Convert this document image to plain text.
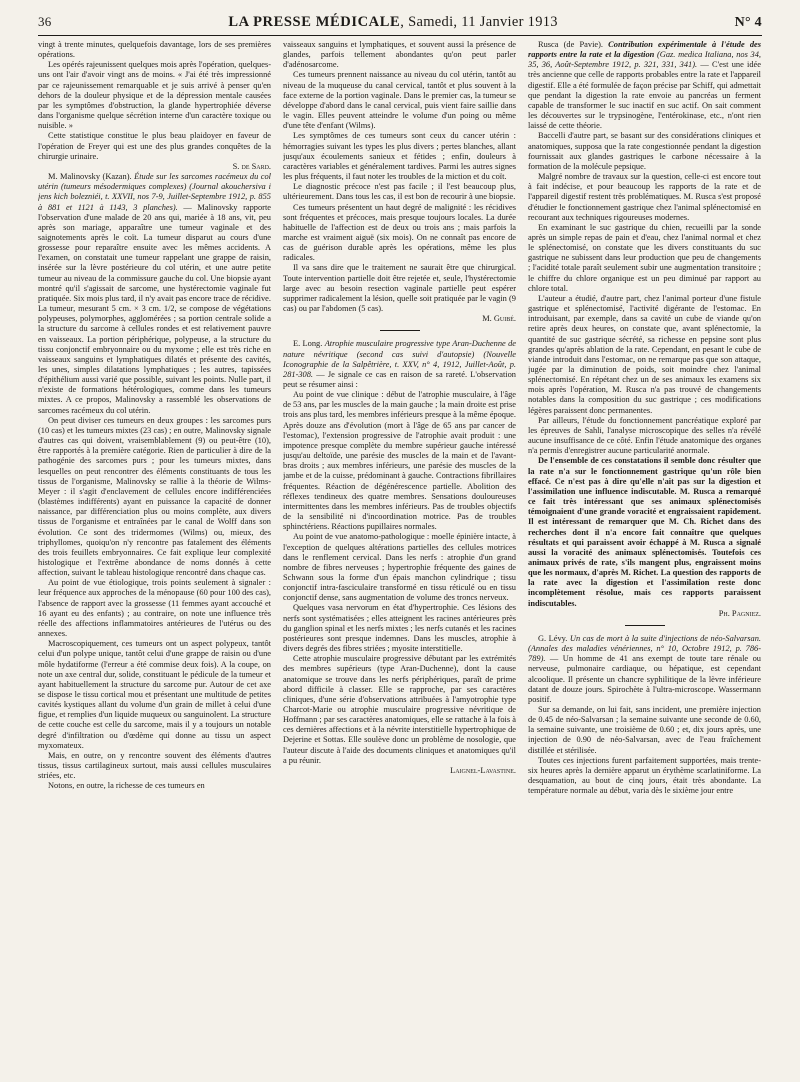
36	LA PRESSE MÉDICALE, Samedi, 11 Janvier 1913	N° 4

vingt à trente minutes, quelquefois davantage, lors de ses premières opérations.

Les opérés rajeunissent quelques mois après l'opération, quelques-uns ont l'air d'avoir vingt ans de moins. « J'ai été très impressionné par ce rajeunissement remarquable et je suis arrivé à penser qu'en dehors de la douleur physique et de la dépression mentale causées par les symptômes d'obstruction, la glande hypertrophiée déverse dans l'organisme quelque sécrétion interne d'un caractère toxique ou nuisible. »

Cette statistique constitue le plus beau plaidoyer en faveur de l'opération de Freyer qui est une des plus grandes conquêtes de la chirurgie urinaire.

S. de Sard.

M. Malinovsky (Kazan). Étude sur les sarcomes racémeux du col utérin (tumeurs mésodermiques complexes) (Journal akouchersiva i jens kich bolezniéi, t. XXVII, nos 7-9, Juillet-Septembre 1912, p. 855 à 881 et 1121 à 1143, 3 planches). — Malinovsky rapporte l'observation d'une malade de 20 ans qui, mariée à 18 ans, vit, peu après son mariage, apparaître une tumeur vaginale et des saignotements après le coït. La tumeur disparut au cours d'une grossesse pour reparaître ensuite avec les mêmes accidents. A l'examen, on constatait une tumeur rappelant une grappe de raisin, insérée sur la lèvre postérieure du col utérin, et une autre petite tumeur au niveau de la commissure gauche du col. Une biopsie ayant montré qu'il s'agissait de sarcome, une hystérectomie vaginale fut pratiquée. Six mois plus tard, il n'y avait pas encore trace de récidive. La tumeur, mesurant 5 cm. × 3 cm. 1/2, se compose de végétations polypeuses, polymorphes, agglomérées ; sa portion centrale solide a la structure du sarcome à cellules rondes et est relativement pauvre en vaisseaux. La portion périphérique, polypeuse, a la structure du tissu conjonctif embryonnaire ou du myxome ; elle est très riche en vaisseaux sanguins et lymphatiques dilatés et présente des cavités, les unes, simples dilatations lymphatiques ; les autres, tapissées d'épithélium aussi varié que possible, suivant les points. Nulle part, il n'existe de formations hétérologiques, comme dans les tumeurs mixtes. A ce propos, Malinovsky a rassemblé les observations de sarcomes racémeux du col utérin.

On peut diviser ces tumeurs en deux groupes : les sarcomes purs (10 cas) et les tumeurs mixtes (23 cas) ; en outre, Malinovsky signale d'autres cas qui doivent, vraisemblablement (9) ou peut-être (10), être rapportés à la première catégorie. Rien de particulier à dire de la pathogénie des sarcomes purs ; pour les tumeurs mixtes, dans lesquelles on peut rencontrer des éléments constituants de tous les tissus de l'organisme, Malinovsky se rallie à la théorie de Wilms-Meyer : il s'agit d'enclavement de cellules encore indifférenciées (blastèmes indifférents) ayant en puissance la capacité de donner naissance, par différenciation plus ou moins complète, aux divers tissus de l'organisme et entraînées par le canal de Wolff dans son évolution. Ce sont des tridermomes (Wilms) ou, mieux, des triphyllomes, quoiqu'on n'y rencontre pas fatalement des éléments des trois feuillets embryonnaires. Ce fait explique leur complexité histologique et l'extrême abondance de noms donnés à cette affection, suivant le tableau histologique rencontré dans chaque cas.

Au point de vue étiologique, trois points seulement à signaler : leur fréquence aux approches de la ménopause (60 pour 100 des cas), l'absence de rapport avec la grossesse (11 femmes ayant accouché et 16 ayant eu des enfants) ; au contraire, on note une influence très réelle des affections inflammatoires antérieures de l'utérus ou des annexes.

Macroscopiquement, ces tumeurs ont un aspect polypeux, tantôt celui d'un polype unique, tantôt celui d'une grappe de raisin ou d'une môle hydatiforme (l'erreur a été commise deux fois). A la coupe, on note un axe central dur, solide, constituant le pédicule de la tumeur et ayant habituellement la structure du sarcome pur. Autour de cet axe se dispose le tissu cortical mou et présentant une multitude de petites cavités kystiques allant du volume d'un grain de millet à celui d'une figue, et remplies d'un liquide muqueux ou sanguinolent. La structure de cette couche est celle du sarcome, mais il y a toujours un notable degré d'infiltration ou d'œdème qui donne au tissu un aspect myxomateux.

Mais, en outre, on y rencontre souvent des éléments d'autres tissus, tissus cartilagineux surtout, mais aussi cellules musculaires striées, etc.

Notons, en outre, la richesse de ces tumeurs en

vaisseaux sanguins et lymphatiques, et souvent aussi la présence de glandes, parfois tellement abondantes qu'on peut parler d'adénosarcome.

Ces tumeurs prennent naissance au niveau du col utérin, tantôt au niveau de la muqueuse du canal cervical, tantôt et plus souvent à la face externe de la portion vaginale. Dans le premier cas, la tumeur se développe d'abord dans le canal cervical, puis vient faire saillie dans le vagin. Elles peuvent atteindre le volume d'un poing ou même d'une tête d'enfant (Wilms).

Les symptômes de ces tumeurs sont ceux du cancer utérin : hémorragies suivant les types les plus divers ; pertes blanches, allant jusqu'aux écoulements sanieux et fétides ; enfin, douleurs à caractères variables et généralement tardives. Parmi les autres signes les plus fréquents, il faut noter les troubles de la miction et du coït.

Le diagnostic précoce n'est pas facile ; il l'est beaucoup plus, ultérieurement. Dans tous les cas, il est bon de recourir à une biopsie.

Ces tumeurs présentent un haut degré de malignité : les récidives sont fréquentes et précoces, mais presque toujours locales. La durée habituelle de l'affection est de deux ou trois ans ; mais parfois la marche est vraiment aiguë (six mois). On ne connaît pas encore de cas de guérison durable après les opérations, même les plus radicales.

Il va sans dire que le traitement ne saurait être que chirurgical. Toute intervention partielle doit être rejetée et, seule, l'hystérectomie large avec au besoin resection vaginale partielle peut espérer supprimer radicalement la lésion, quelle soit pratiquée par le vagin (9 cas) ou par l'abdomen (5 cas).

M. Guibé.

E. Long. Atrophie musculaire progressive type Aran-Duchenne de nature névritique (second cas suivi d'autopsie) (Nouvelle Iconographie de la Salpêtrière, t. XXV, n° 4, 1912, Juillet-Août, p. 281-308. — Je signale ce cas en raison de sa rareté. L'observation peut se résumer ainsi :

Au point de vue clinique : début de l'atrophie musculaire, à l'âge de 53 ans, par les muscles de la main gauche ; la main droite est prise trois ans plus tard, les membres inférieurs presque à la même époque. Après douze ans d'évolution (mort à l'âge de 65 ans par cancer de l'estomac), l'extension progressive de l'atrophie avait produit : une impotence presque complète du membre supérieur gauche intéressé jusqu'au deltoïde, une parésie des muscles de la main et de l'avant-bras droits ; aux membres inférieurs, une parésie des muscles de la jambe et de la cuisse, prédominant à gauche. Contractions fibrillaires fréquentes. Réaction de dégénérescence partielle. Abolition des réflexes tendineux des quatre membres. Sensations douloureuses intermittentes dans les membres inférieurs. Pas de troubles objectifs de la sensibilité ni d'incoordination motrice. Pas de troubles sphinctériens. Réactions pupillaires normales.

Au point de vue anatomo-pathologique : moelle épinière intacte, à l'exception de quelques altérations partielles des cellules motrices dans le renflement cervical. Dans les nerfs : atrophie d'un grand nombre de fibres nerveuses ; hypertrophie fréquente des gaines de Schwann sous la forme d'un épais manchon cylindrique ; tissu conjonctif intra-fasciculaire transformé en tissu réticulé ou en tissu conjonctif dense, sans augmentation de volume des troncs nerveux.

Quelques vasa nervorum en état d'hypertrophie. Ces lésions des nerfs sont systématisées ; elles atteignent les racines antérieures près du ganglion spinal et les nerfs mixtes ; les nerfs cutanés et les racines postérieures sont presque indemnes. Dans les muscles, atrophie à divers degrés des fibres striées ; myosite interstitielle.

Cette atrophie musculaire progressive débutant par les extrémités des membres supérieurs (type Aran-Duchenne), dont la cause anatomique se trouve dans les nerfs périphériques, paraît de prime abord difficile à classer. Elle se rapproche, par ses caractères cliniques, d'une série d'observations attribuées à l'amyotrophie type Charcot-Marie ou atrophie musculaire progressive névritique de Hoffmann ; par ses caractères anatomiques, elle se rattache à la fois à ces dernières affections et à la névrite interstitielle hypertrophique de Dejerine et Sottas. Elle soulève donc un problème de nosologie, que l'auteur discute à l'aide des documents cliniques et anatomiques qu'il a pu réunir.

Laignel-Lavastine.

Rusca (de Pavie). Contribution expérimentale à l'étude des rapports entre la rate et la digestion (Gaz. medica Italiana, nos 34, 35, 36, Août-Septembre 1912, p. 321, 331, 341). — C'est une idée très ancienne que celle de rapports probables entre la rate et l'appareil digestif. Elle a été formulée de façon précise par Schiff, qui admettait que pendant la digestion la rate envoie au pancréas un ferment capable de transformer le suc inactif en suc actif. On sait comment les découvertes sur le trypsinogène, l'entérokinase, etc., n'ont rien laissé de cette théorie.

Baccelli d'autre part, se basant sur des considérations cliniques et anatomiques, supposa que la rate congestionnée pendant la digestion fournissait aux glandes gastriques le carbone nécessaire à la formation de la molécule pepsique.

Malgré nombre de travaux sur la question, celle-ci est encore tout à fait indécise, et pour beaucoup les rapports de la rate et de l'appareil digestif restent très problématiques. M. Rusca s'est proposé d'étudier le fonctionnement gastrique chez l'animal splénectomisé en recourant aux techniques rigoureuses modernes.

En examinant le suc gastrique du chien, recueilli par la sonde après un simple repas de pain et d'eau, chez l'animal normal et chez le splénectomisé, on constate que les divers constituants du suc gastrique ne subissent dans leur production que peu de changements ; l'acidité totale paraît seulement subir une augmentation transitoire ; le chiffre du chlore organique est un peu diminué par rapport au chlore total.

L'auteur a étudié, d'autre part, chez l'animal porteur d'une fistule gastrique et splénectomisé, l'activité digérante de l'estomac. En introduisant, par exemple, dans sa cavité un cube de viande qu'on retire après deux heures, on constate que, avant splénectomie, la quantité de suc gastrique sécrété, sa richesse en pepsine sont plus grandes qu'après ablation de la rate. Cependant, en pesant le cube de viande introduit dans l'estomac, on ne remarque pas que son attaque, jugée par la diminution de poids, soit moindre chez l'animal splénectomisé. En répétant chez un de ses animaux les examens six mois après l'opération, M. Rusca n'a pas trouvé de changements notables dans la composition du suc gastrique ; ces modifications légères paraissent donc permanentes.

Par ailleurs, l'étude du fonctionnement pancréatique exploré par les épreuves de Sahli, l'analyse microscopique des selles n'a révélé aucune insuffisance de ce côté. Enfin l'étude anatomique des organes n'a permis d'enregistrer aucune particularité anormale.

De l'ensemble de ces constatations il semble donc résulter que la rate n'a sur le fonctionnement gastrique qu'un rôle bien effacé. Ce n'est pas à dire qu'elle n'ait pas sur la digestion et l'assimilation une influence indiscutable. M. Rusca a remarqué ce fait très intéressant que ses animaux splénectomisés témoignaient d'une grande voracité et engraissaient rapidement. Il est intéressant de remarquer que M. Ch. Richet dans des recherches dont il n'a encore fait connaître que quelques résultats et qui paraissent avoir échappé à M. Rusca a signalé aussi la voracité des animaux splénectomisés. Toutefois ces animaux privés de rate, s'ils mangent plus, engraissent moins que les normaux, d'après M. Richet. La question des rapports de la rate avec la digestion et l'assimilation reste donc incomplètement résolue, mais ces rapports paraissent indiscutables.

Ph. Pagniez.

G. Lévy. Un cas de mort à la suite d'injections de néo-Salvarsan. (Annales des maladies vénériennes, n° 10, Octobre 1912, p. 786-789). — Un homme de 41 ans exempt de toute tare rénale ou nerveuse, pulmonaire cardiaque, ou hépatique, est cependant alcoolique. Il présente un chancre syphilitique de la lèvre inférieure datant de douze jours. Spirochète à l'ultra-microscope. Wassermann positif.

Sur sa demande, on lui fait, sans incident, une première injection de 0.45 de néo-Salvarsan ; la semaine suivante une seconde de 0.60, la semaine suivante, une troisième de 0.60 ; et, dix jours après, une injection de 0.90 de néo-Salvarsan, avec de l'eau fraîchement distillée et stérilisée.

Toutes ces injections furent parfaitement supportées, mais trente-six heures après la dernière apparut un érythème scarlatiniforme. La desquamation, au bout de cinq jours, était très abondante. La température normale au début, varia dès le sixième jour entre
